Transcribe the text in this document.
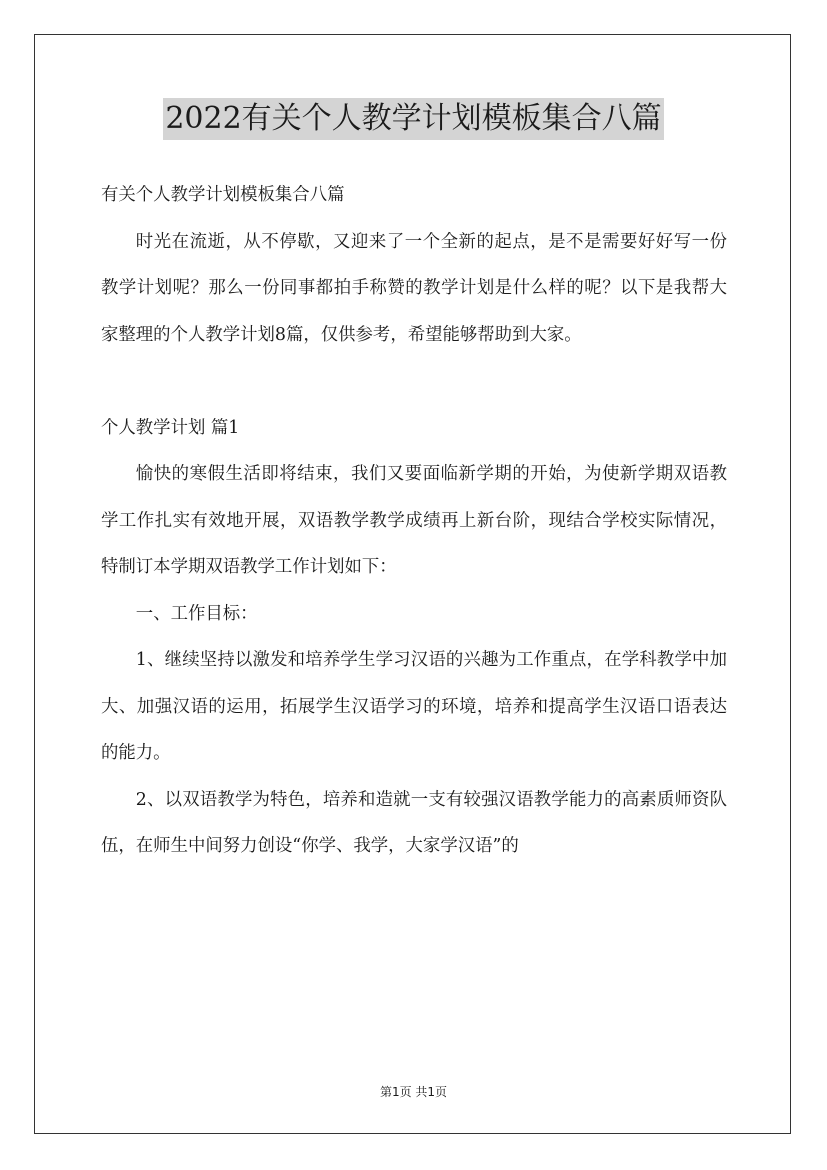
2022有关个人教学计划模板集合八篇

有关个人教学计划模板集合八篇

时光在流逝，从不停歇，又迎来了一个全新的起点，是不是需要好好写一份教学计划呢？那么一份同事都拍手称赞的教学计划是什么样的呢？以下是我帮大家整理的个人教学计划8篇，仅供参考，希望能够帮助到大家。

个人教学计划 篇1

愉快的寒假生活即将结束，我们又要面临新学期的开始，为使新学期双语教学工作扎实有效地开展，双语教学教学成绩再上新台阶，现结合学校实际情况，特制订本学期双语教学工作计划如下：

一、工作目标：

1、继续坚持以激发和培养学生学习汉语的兴趣为工作重点，在学科教学中加大、加强汉语的运用，拓展学生汉语学习的环境，培养和提高学生汉语口语表达的能力。

2、以双语教学为特色，培养和造就一支有较强汉语教学能力的高素质师资队伍，在师生中间努力创设“你学、我学，大家学汉语”的

第1页 共1页
